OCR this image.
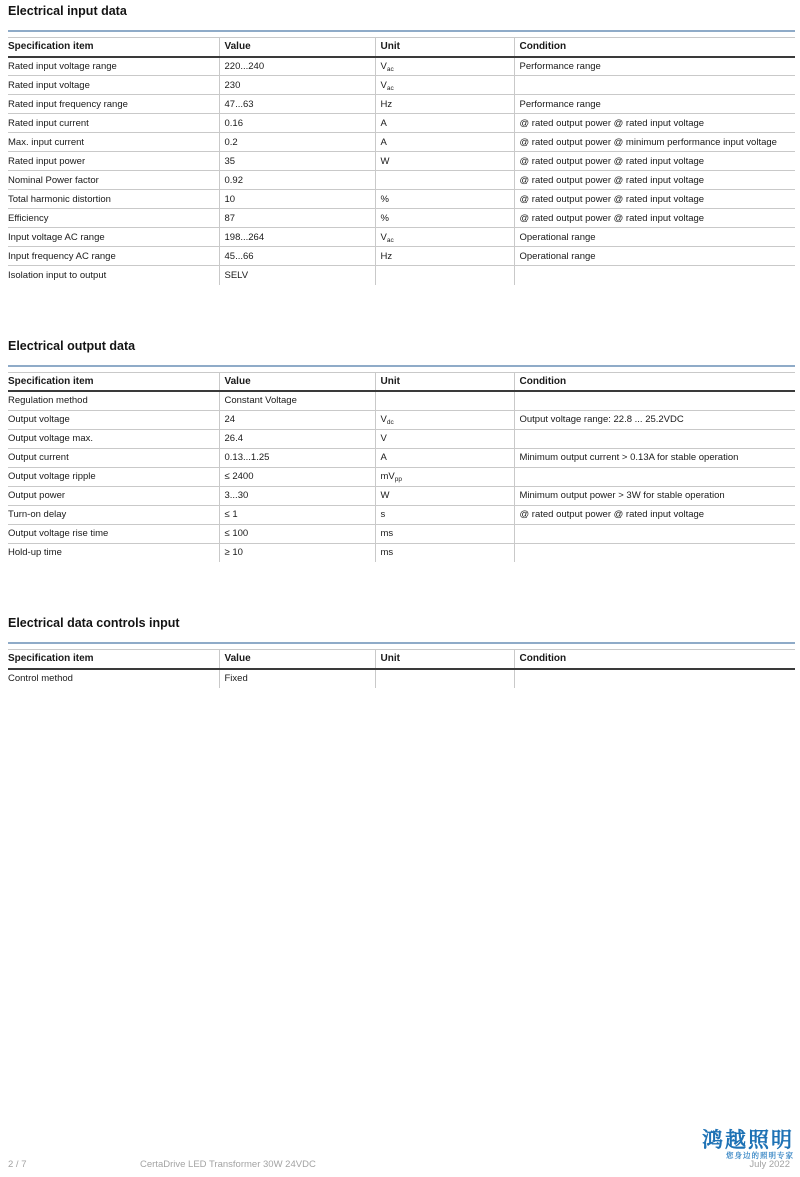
Electrical input data
Specification item	Value	Unit	Condition
Rated input voltage range	220...240	$V_{ac}$	Performance range
Rated input voltage	230	$V_{ac}$	
Rated input frequency range	47...63	Hz	Performance range
Rated input current	0.16	A	@ rated output power @ rated input voltage
Max. input current	0.2	A	@ rated output power @ minimum performance input voltage
Rated input power	35	W	@ rated output power @ rated input voltage
Nominal Power factor	0.92		@ rated output power @ rated input voltage
Total harmonic distortion	10	%	@ rated output power @ rated input voltage
Efficiency	87	%	@ rated output power @ rated input voltage
Input voltage AC range	198...264	$V_{ac}$	Operational range
Input frequency AC range	45...66	Hz	Operational range
Isolation input to output	SELV		
Electrical output data
Specification item	Value	Unit	Condition
Regulation method	Constant Voltage		
Output voltage	24	$V_{dc}$	Output voltage range: 22.8 ... 25.2VDC
Output voltage max.	26.4	V	
Output current	0.13...1.25	A	Minimum output current > 0.13A for stable operation
Output voltage ripple	≤ 2400	$mV_{pp}$	
Output power	3...30	W	Minimum output power > 3W for stable operation
Turn-on delay	≤ 1	s	@ rated output power @ rated input voltage
Output voltage rise time	≤ 100	ms	
Hold-up time	≥ 10	ms	
Electrical data controls input
Specification item	Value	Unit	Condition
Control method	Fixed		
2 / 7	CertaDrive LED Transformer 30W 24VDC	July 2022
鸿越照明
您身边的照明专家
